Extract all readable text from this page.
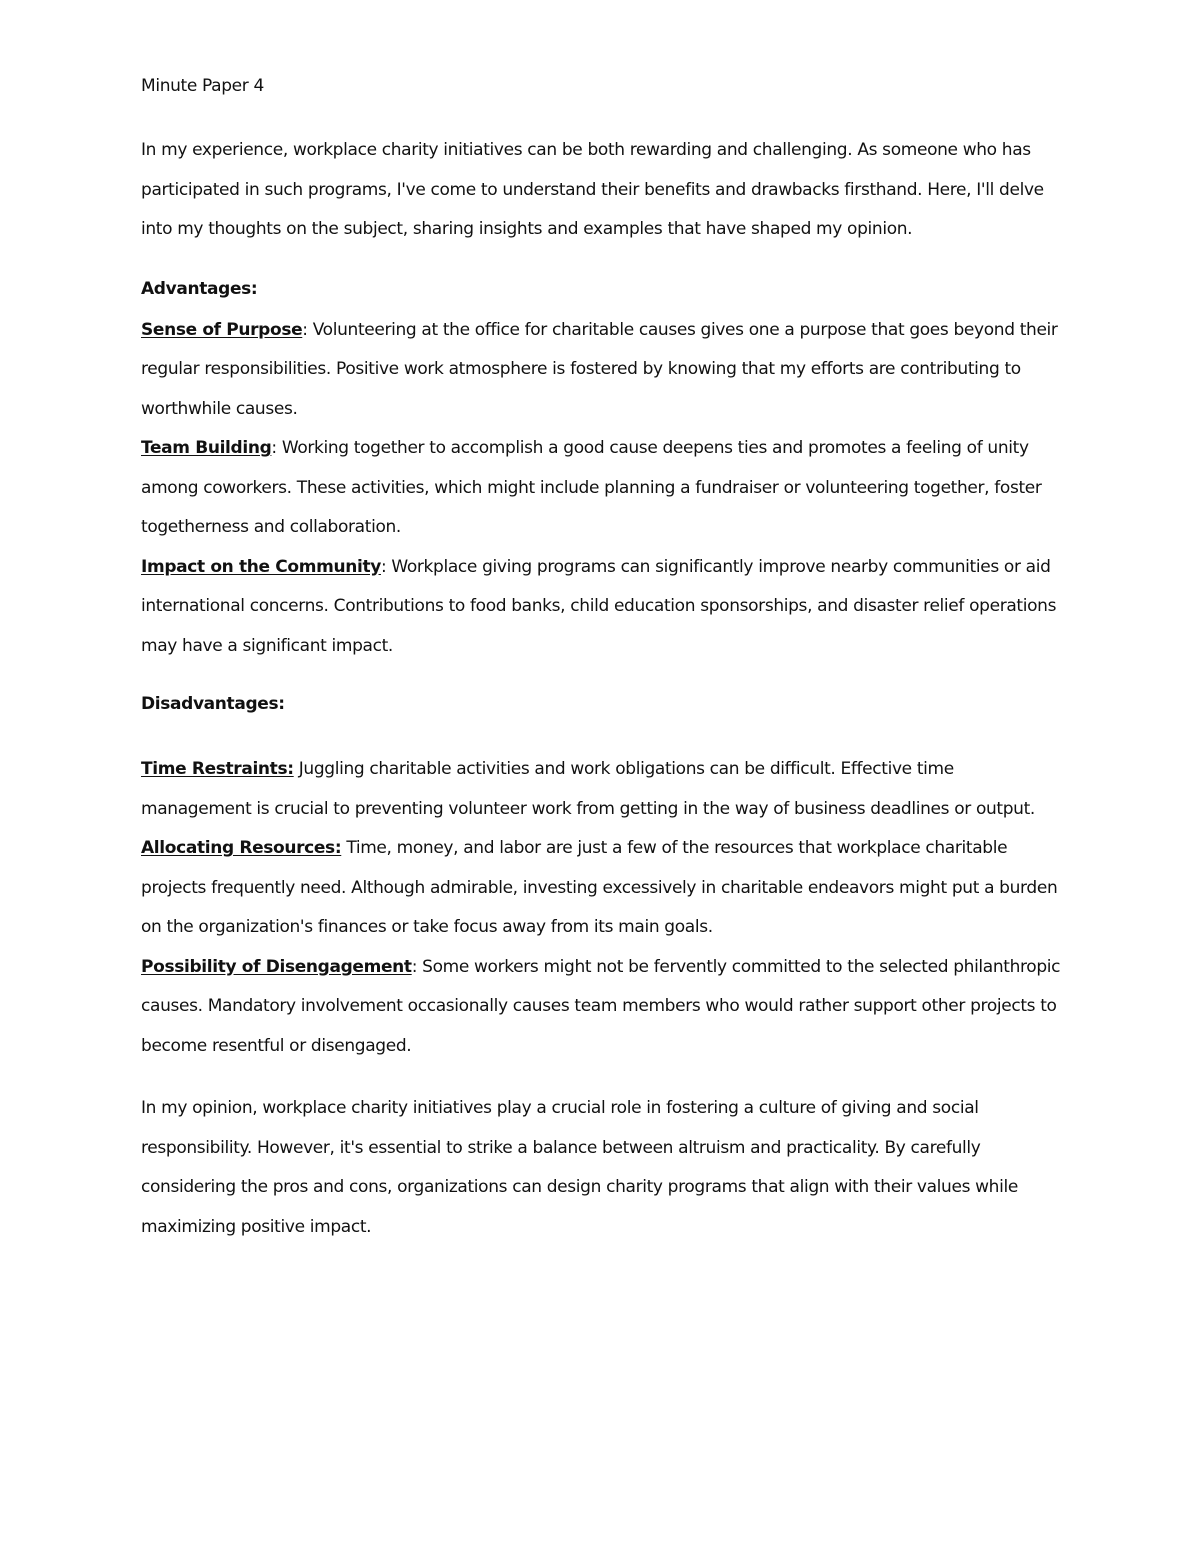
Minute Paper 4

In my experience, workplace charity initiatives can be both rewarding and challenging. As someone who has participated in such programs, I've come to understand their benefits and drawbacks firsthand. Here, I'll delve into my thoughts on the subject, sharing insights and examples that have shaped my opinion.

Advantages:

Sense of Purpose: Volunteering at the office for charitable causes gives one a purpose that goes beyond their regular responsibilities. Positive work atmosphere is fostered by knowing that my efforts are contributing to worthwhile causes.

Team Building: Working together to accomplish a good cause deepens ties and promotes a feeling of unity among coworkers. These activities, which might include planning a fundraiser or volunteering together, foster togetherness and collaboration.

Impact on the Community: Workplace giving programs can significantly improve nearby communities or aid international concerns. Contributions to food banks, child education sponsorships, and disaster relief operations may have a significant impact.

Disadvantages:

Time Restraints: Juggling charitable activities and work obligations can be difficult. Effective time management is crucial to preventing volunteer work from getting in the way of business deadlines or output.

Allocating Resources: Time, money, and labor are just a few of the resources that workplace charitable projects frequently need. Although admirable, investing excessively in charitable endeavors might put a burden on the organization's finances or take focus away from its main goals.

Possibility of Disengagement: Some workers might not be fervently committed to the selected philanthropic causes. Mandatory involvement occasionally causes team members who would rather support other projects to become resentful or disengaged.

In my opinion, workplace charity initiatives play a crucial role in fostering a culture of giving and social responsibility. However, it's essential to strike a balance between altruism and practicality. By carefully considering the pros and cons, organizations can design charity programs that align with their values while maximizing positive impact.
